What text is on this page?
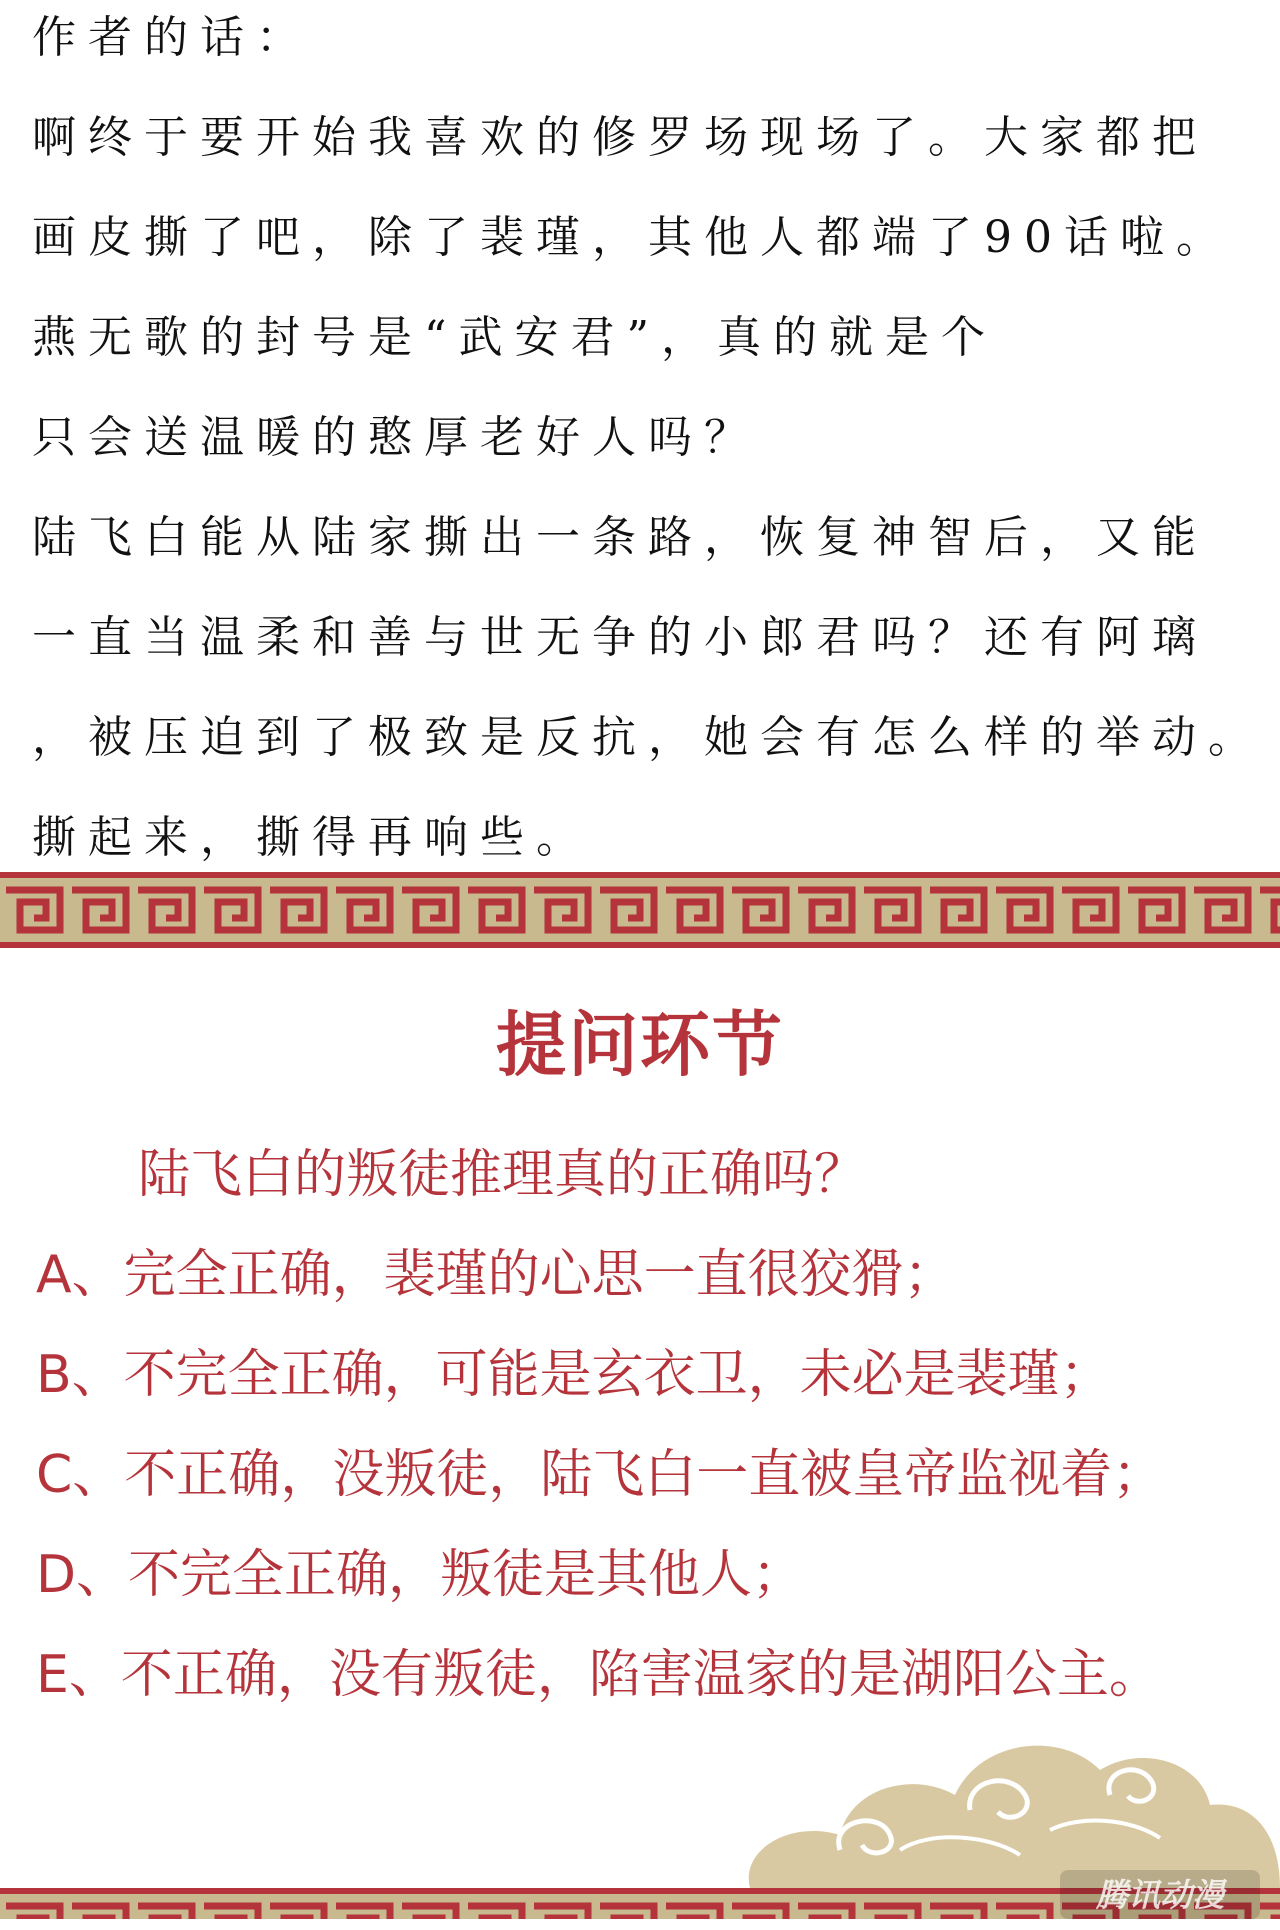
作者的话：

啊终于要开始我喜欢的修罗场现场了。大家都把

画皮撕了吧，除了裴瑾，其他人都端了90话啦。

燕无歌的封号是“武安君”，真的就是个

只会送温暖的憨厚老好人吗？

陆飞白能从陆家撕出一条路，恢复神智后，又能

一直当温柔和善与世无争的小郎君吗？还有阿璃

，被压迫到了极致是反抗，她会有怎么样的举动。

撕起来，撕得再响些。

提问环节

陆飞白的叛徒推理真的正确吗？

A、完全正确，裴瑾的心思一直很狡猾；

B、不完全正确，可能是玄衣卫，未必是裴瑾；

C、不正确，没叛徒，陆飞白一直被皇帝监视着；

D、不完全正确，叛徒是其他人；

E、不正确，没有叛徒，陷害温家的是湖阳公主。

腾讯动漫
